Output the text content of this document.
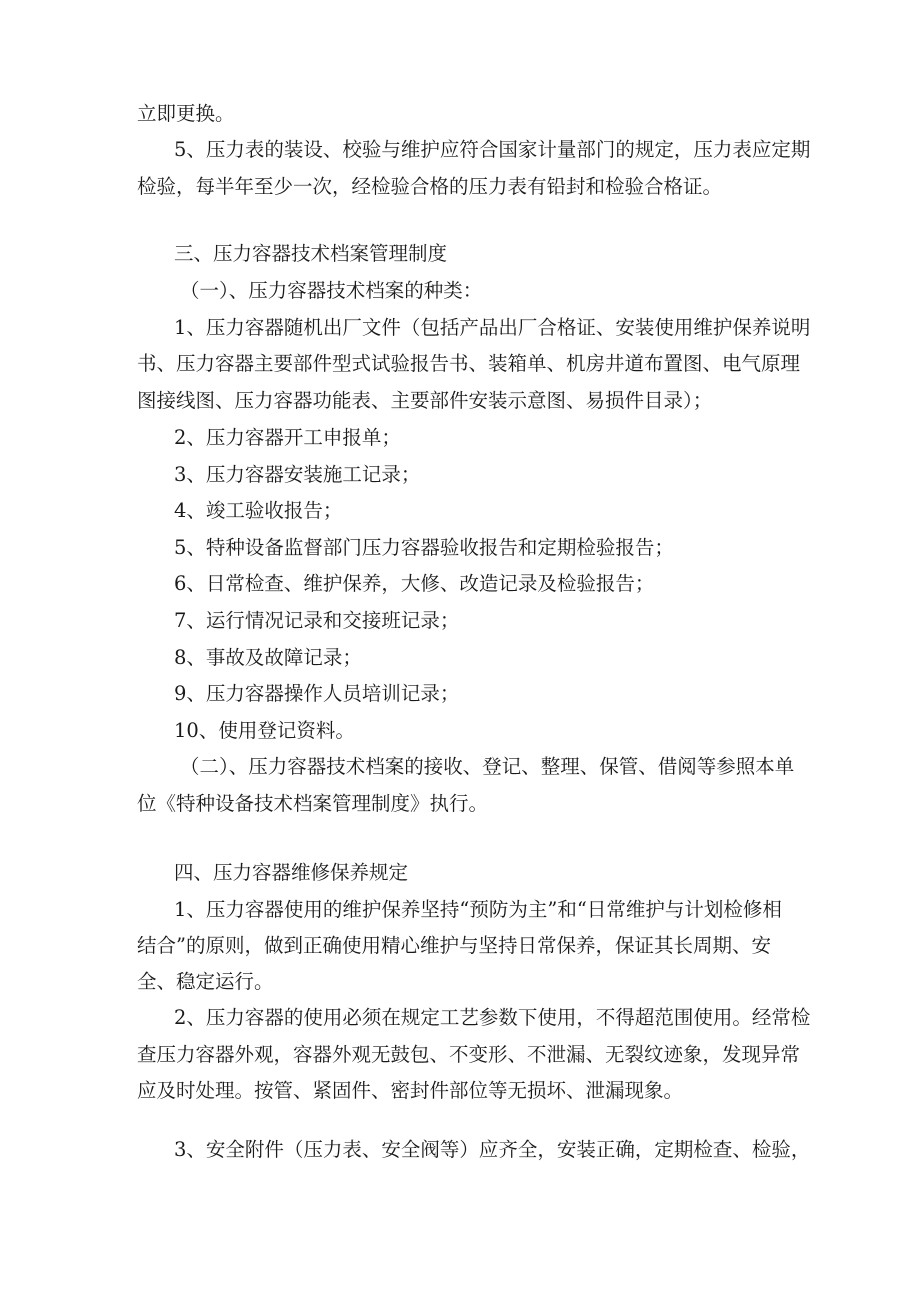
立即更换。

5、压力表的装设、校验与维护应符合国家计量部门的规定，压力表应定期

检验，每半年至少一次，经检验合格的压力表有铅封和检验合格证。

三、压力容器技术档案管理制度

（一）、压力容器技术档案的种类：

1、压力容器随机出厂文件（包括产品出厂合格证、安装使用维护保养说明

书、压力容器主要部件型式试验报告书、装箱单、机房井道布置图、电气原理

图接线图、压力容器功能表、主要部件安装示意图、易损件目录）；

2、压力容器开工申报单；

3、压力容器安装施工记录；

4、竣工验收报告；

5、特种设备监督部门压力容器验收报告和定期检验报告；

6、日常检查、维护保养，大修、改造记录及检验报告；

7、运行情况记录和交接班记录；

8、事故及故障记录；

9、压力容器操作人员培训记录；

10、使用登记资料。

（二）、压力容器技术档案的接收、登记、整理、保管、借阅等参照本单

位《特种设备技术档案管理制度》执行。

四、压力容器维修保养规定

1、压力容器使用的维护保养坚持“预防为主”和“日常维护与计划检修相

结合”的原则，做到正确使用精心维护与坚持日常保养，保证其长周期、安

全、稳定运行。

2、压力容器的使用必须在规定工艺参数下使用，不得超范围使用。经常检

查压力容器外观，容器外观无鼓包、不变形、不泄漏、无裂纹迹象，发现异常

应及时处理。按管、紧固件、密封件部位等无损坏、泄漏现象。

3、安全附件（压力表、安全阀等）应齐全，安装正确，定期检查、检验，
